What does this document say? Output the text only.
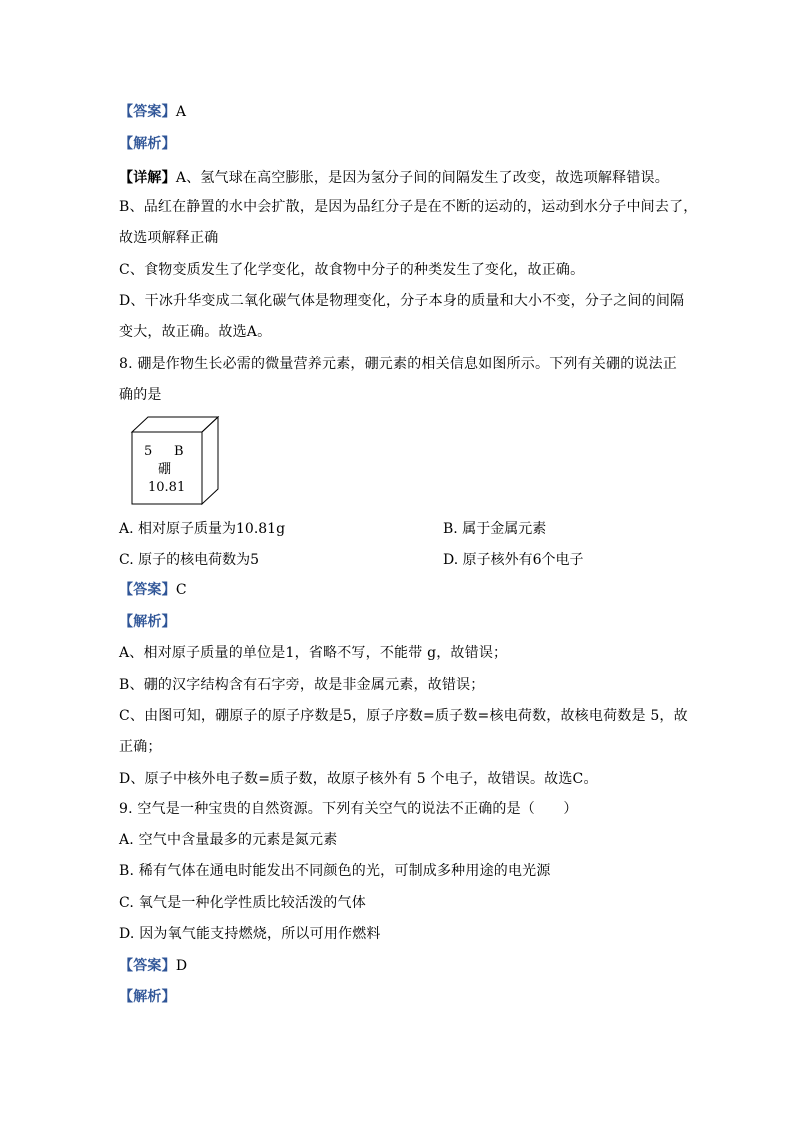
【答案】A
【解析】
【详解】A、氢气球在高空膨胀，是因为氢分子间的间隔发生了改变，故选项解释错误。
B、品红在静置的水中会扩散，是因为品红分子是在不断的运动的，运动到水分子中间去了，
故选项解释正确
C、食物变质发生了化学变化，故食物中分子的种类发生了变化，故正确。
D、干冰升华变成二氧化碳气体是物理变化，分子本身的质量和大小不变，分子之间的间隔
变大，故正确。故选A。
8. 硼是作物生长必需的微量营养元素，硼元素的相关信息如图所示。下列有关硼的说法正
确的是
5 B
硼
10.81
A. 相对原子质量为10.81g	B. 属于金属元素
C. 原子的核电荷数为5	D. 原子核外有6个电子
【答案】C
【解析】
A、相对原子质量的单位是1，省略不写，不能带 g，故错误；
B、硼的汉字结构含有石字旁，故是非金属元素，故错误；
C、由图可知，硼原子的原子序数是5，原子序数=质子数=核电荷数，故核电荷数是 5，故
正确；
D、原子中核外电子数=质子数，故原子核外有 5 个电子，故错误。故选C。
9. 空气是一种宝贵的自然资源。下列有关空气的说法不正确的是（　　）
A. 空气中含量最多的元素是氮元素
B. 稀有气体在通电时能发出不同颜色的光，可制成多种用途的电光源
C. 氧气是一种化学性质比较活泼的气体
D. 因为氧气能支持燃烧，所以可用作燃料
【答案】D
【解析】
